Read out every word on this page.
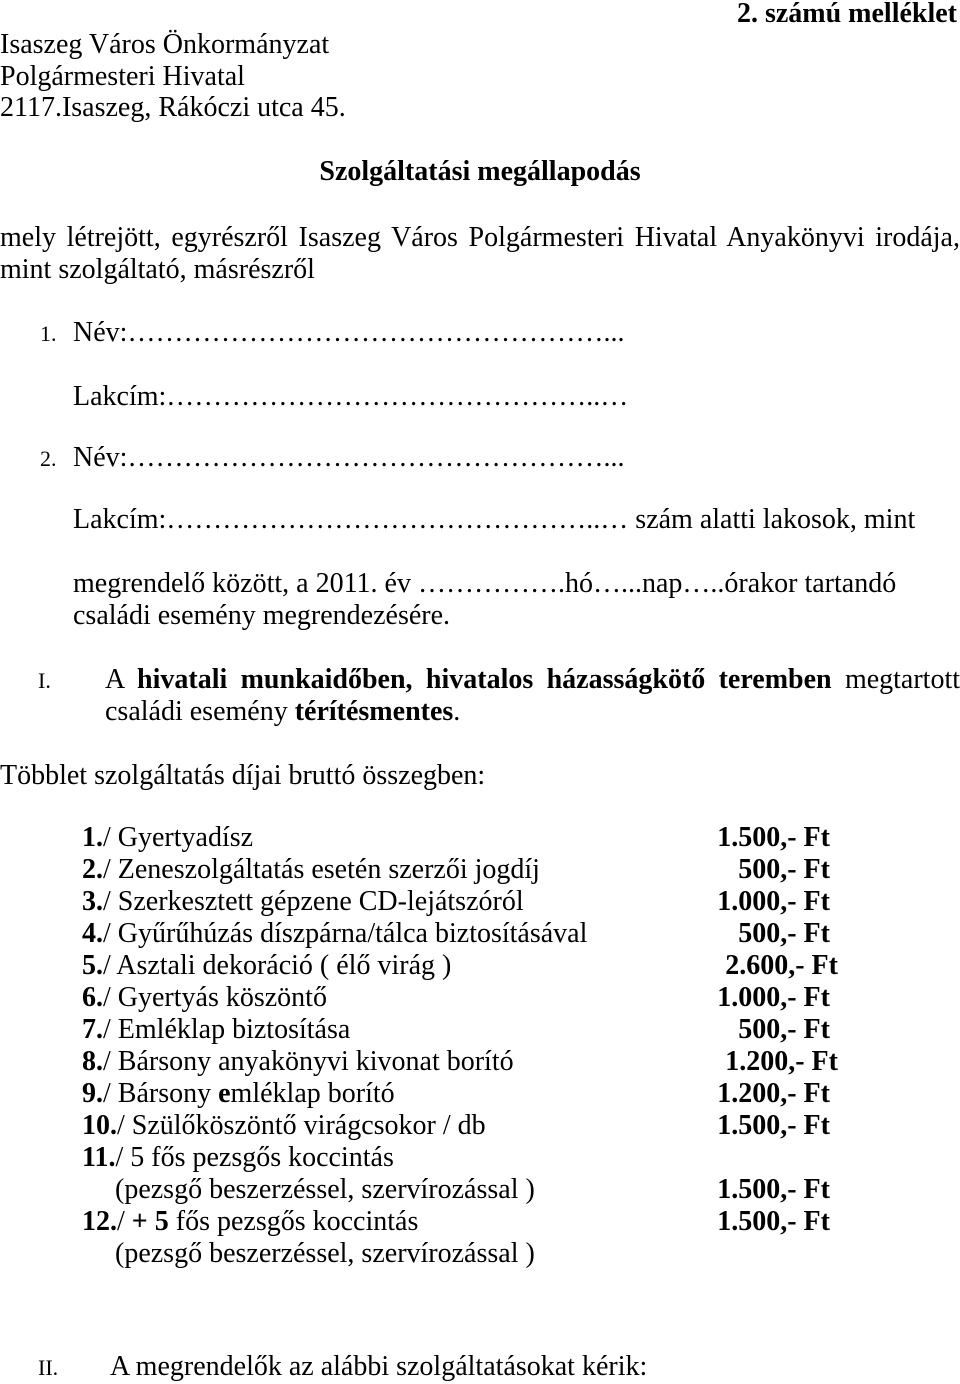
2. számú melléklet
Isaszeg Város Önkormányzat
Polgármesteri Hivatal
2117.Isaszeg, Rákóczi utca 45.
Szolgáltatási megállapodás
mely létrejött, egyrészről Isaszeg Város Polgármesteri Hivatal Anyakönyvi irodája,
mint szolgáltató, másrészről
1. Név:……………………………………………...
Lakcím:………………………………………..…
2. Név:……………………………………………...
Lakcím:………………………………………..… szám alatti lakosok, mint
megrendelő között, a 2011. év …………….hó…...nap…..órakor tartandó
családi esemény megrendezésére.
I. A hivatali munkaidőben, hivatalos házasságkötő teremben megtartott
családi esemény térítésmentes.
Többlet szolgáltatás díjai bruttó összegben:
1./ Gyertyadísz	1.500,- Ft
2./ Zeneszolgáltatás esetén szerzői jogdíj	500,- Ft
3./ Szerkesztett gépzene CD-lejátszóról	1.000,- Ft
4./ Gyűrűhúzás díszpárna/tálca biztosításával	500,- Ft
5./ Asztali dekoráció ( élő virág )	2.600,- Ft
6./ Gyertyás köszöntő	1.000,- Ft
7./ Emléklap biztosítása	500,- Ft
8./ Bársony anyakönyvi kivonat borító	1.200,- Ft
9./ Bársony emléklap borító	1.200,- Ft
10./ Szülőköszöntő virágcsokor / db	1.500,- Ft
11./ 5 fős pezsgős koccintás
(pezsgő beszerzéssel, szervírozással )	1.500,- Ft
12./ + 5 fős pezsgős koccintás	1.500,- Ft
(pezsgő beszerzéssel, szervírozással )
II. A megrendelők az alábbi szolgáltatásokat kérik:
